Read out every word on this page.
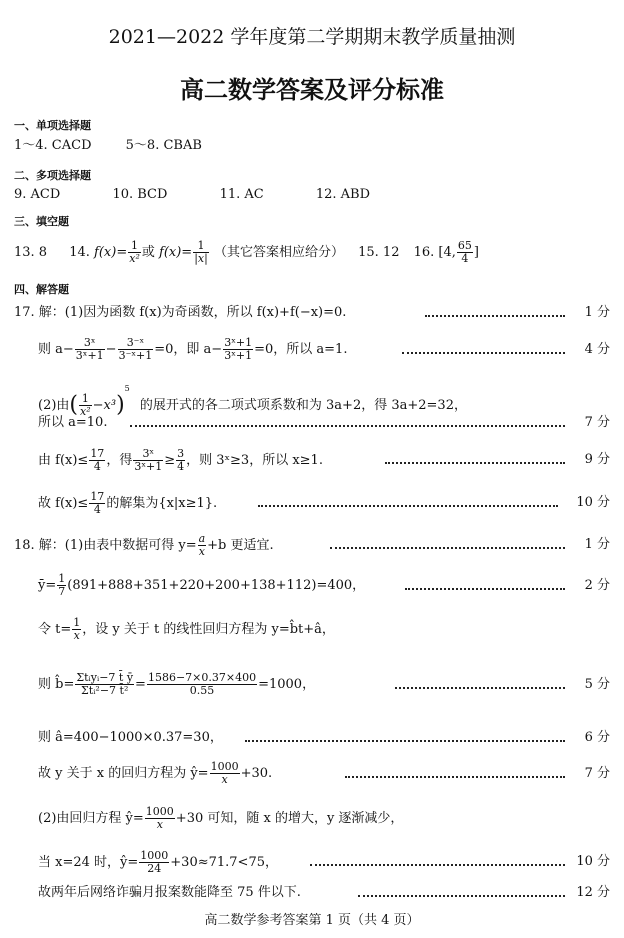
2021—2022 学年度第二学期期末教学质量抽测
高二数学答案及评分标准
一、单项选择题
1～4. CACD	5～8. CBAB
二、多项选择题
9. ACD	10. BCD	11. AC	12. ABD
三、填空题
13. 8 14. $f(x)= \frac{1}{\text{x²}}$ 或 $f(x)= \frac{1}{|x|}$ （其它答案相应给分） 15. 12 16. [4, $\frac{65}{4}$ ]
四、解答题
17. 解：(1)因为函数 f(x)为奇函数，所以 f(x)+f(−x)=0.	1 分
则 $a- \frac{\text{3ˣ}}{\text{3ˣ+1}} - \frac{\text{3⁻ˣ}}{\text{3⁻ˣ+1}} =0$，即 $a- \frac{\text{3ˣ+1}}{\text{3ˣ+1}} =0$，所以 a=1.	4 分
(2)由( $\frac{1}{\text{x²}} -x^3)^5$ 的展开式的各二项式项系数和为 3a+2，得 3a+2=32，
所以 a=10.	7 分
由 $f(x)\le \frac{17}{4}$ ，得 $\frac{\text{3ˣ}}{\text{3ˣ+1}} \ge \frac{3}{4}$ ，则 3ˣ≥3，所以 x≥1.	9 分
故 $f(x)\le \frac{17}{4}$ 的解集为{x|x≥1}.	10 分
18. 解：(1)由表中数据可得 $y= \frac{a}{x} +b$ 更适宜.	1 分
ȳ= $\frac{1}{7} (891+888+351+220+200+138+112)=400$，	2 分
令 $t= \frac{1}{x}$ ，设 y 关于 t 的线性回归方程为 y=b̂t+â，
则 b̂= $\frac{\text{Σtᵢyᵢ−7 t̄ ȳ}}{\text{Σtᵢ²−7 t̄²}} = \frac{1586-7\times 0.37\times 400}{0.55} =1000$，	5 分
则 â=400−1000×0.37=30，	6 分
故 y 关于 x 的回归方程为 ŷ= $\frac{1000}{x} +30$.	7 分
(2)由回归方程 ŷ= $\frac{1000}{x} +30$ 可知，随 x 的增大，y 逐渐减少，
当 x=24 时，ŷ= $\frac{1000}{24} +30\approx 71.7<75$，	10 分
故两年后网络诈骗月报案数能降至 75 件以下.	12 分
高二数学参考答案第 1 页（共 4 页）
